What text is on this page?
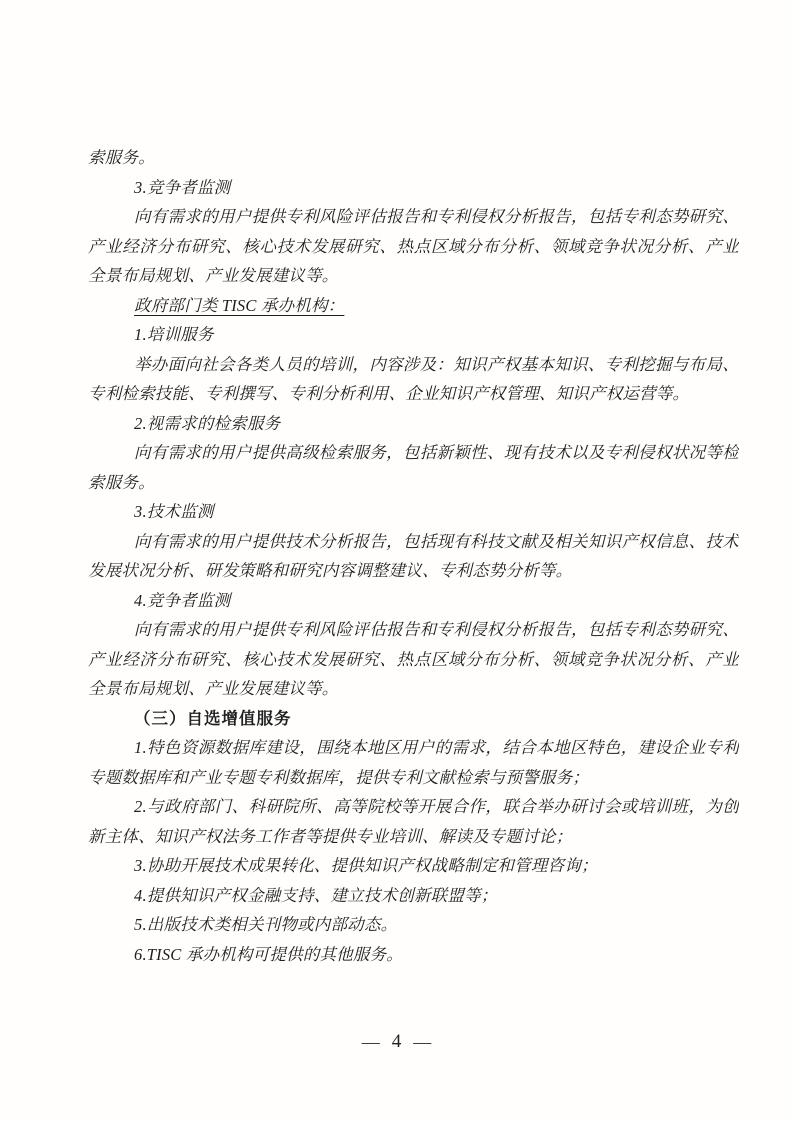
索服务。
3.竞争者监测
向有需求的用户提供专利风险评估报告和专利侵权分析报告，包括专利态势研究、
产业经济分布研究、核心技术发展研究、热点区域分布分析、领域竞争状况分析、产业
全景布局规划、产业发展建议等。
政府部门类 TISC 承办机构：
1.培训服务
举办面向社会各类人员的培训，内容涉及：知识产权基本知识、专利挖掘与布局、
专利检索技能、专利撰写、专利分析利用、企业知识产权管理、知识产权运营等。
2.视需求的检索服务
向有需求的用户提供高级检索服务，包括新颖性、现有技术以及专利侵权状况等检
索服务。
3.技术监测
向有需求的用户提供技术分析报告，包括现有科技文献及相关知识产权信息、技术
发展状况分析、研发策略和研究内容调整建议、专利态势分析等。
4.竞争者监测
向有需求的用户提供专利风险评估报告和专利侵权分析报告，包括专利态势研究、
产业经济分布研究、核心技术发展研究、热点区域分布分析、领域竞争状况分析、产业
全景布局规划、产业发展建议等。
（三）自选增值服务
1.特色资源数据库建设，围绕本地区用户的需求，结合本地区特色，建设企业专利
专题数据库和产业专题专利数据库，提供专利文献检索与预警服务；
2.与政府部门、科研院所、高等院校等开展合作，联合举办研讨会或培训班，为创
新主体、知识产权法务工作者等提供专业培训、解读及专题讨论；
3.协助开展技术成果转化、提供知识产权战略制定和管理咨询；
4.提供知识产权金融支持、建立技术创新联盟等；
5.出版技术类相关刊物或内部动态。
6.TISC 承办机构可提供的其他服务。
— 4 —
